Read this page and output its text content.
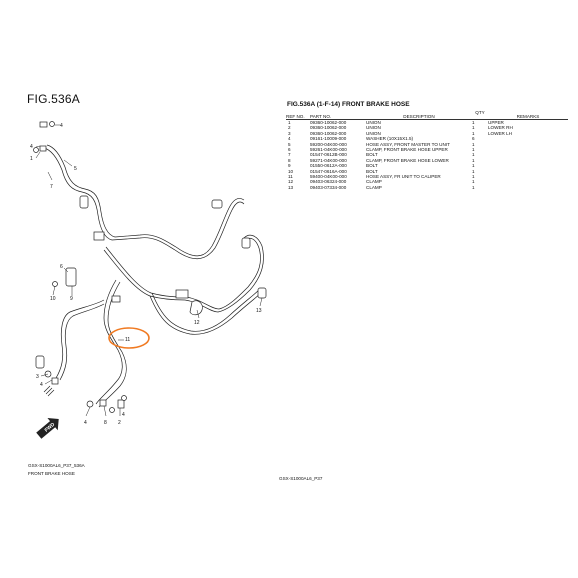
FIG.536A
FWD
4
4
1
5
7
6
10	9
3
4
4	8 2
4
12
13
11
FIG.536A (1-F-14) FRONT BRAKE HOSE
REF NO.	PART NO.	DESCRIPTION	QTY	REMARKS
1	09360-10062-000	UNION	1	UPPER
2	09360-10062-000	UNION	1	LOWER RH
3	09360-10062-000	UNION	1	LOWER LH
4	09161-10009-000	WASHER (10X15X1.5)	6	
5	59200-04K00-000	HOSE ASSY, FRONT MASTER TO UNIT	1	
6	59261-04K00-000	CLAMP, FRONT BRAKE HOSE UPPER	1	
7	01547-0612B-000	BOLT	1	
8	59271-04K00-000	CLAMP, FRONT BRAKE HOSE LOWER	1	
9	01550-0612A-000	BOLT	1	
10	01547-0616A-000	BOLT	1	
11	59400-04K00-000	HOSE ASSY, FR UNIT TO CALIPER	1	
12	09403-06324-000	CLAMP	1	
13	09403-07334-000	CLAMP	1	
GSX-S1000AL6_P37_536A
FRONT BRAKE HOSE
GSX-S1000AL6_P37
